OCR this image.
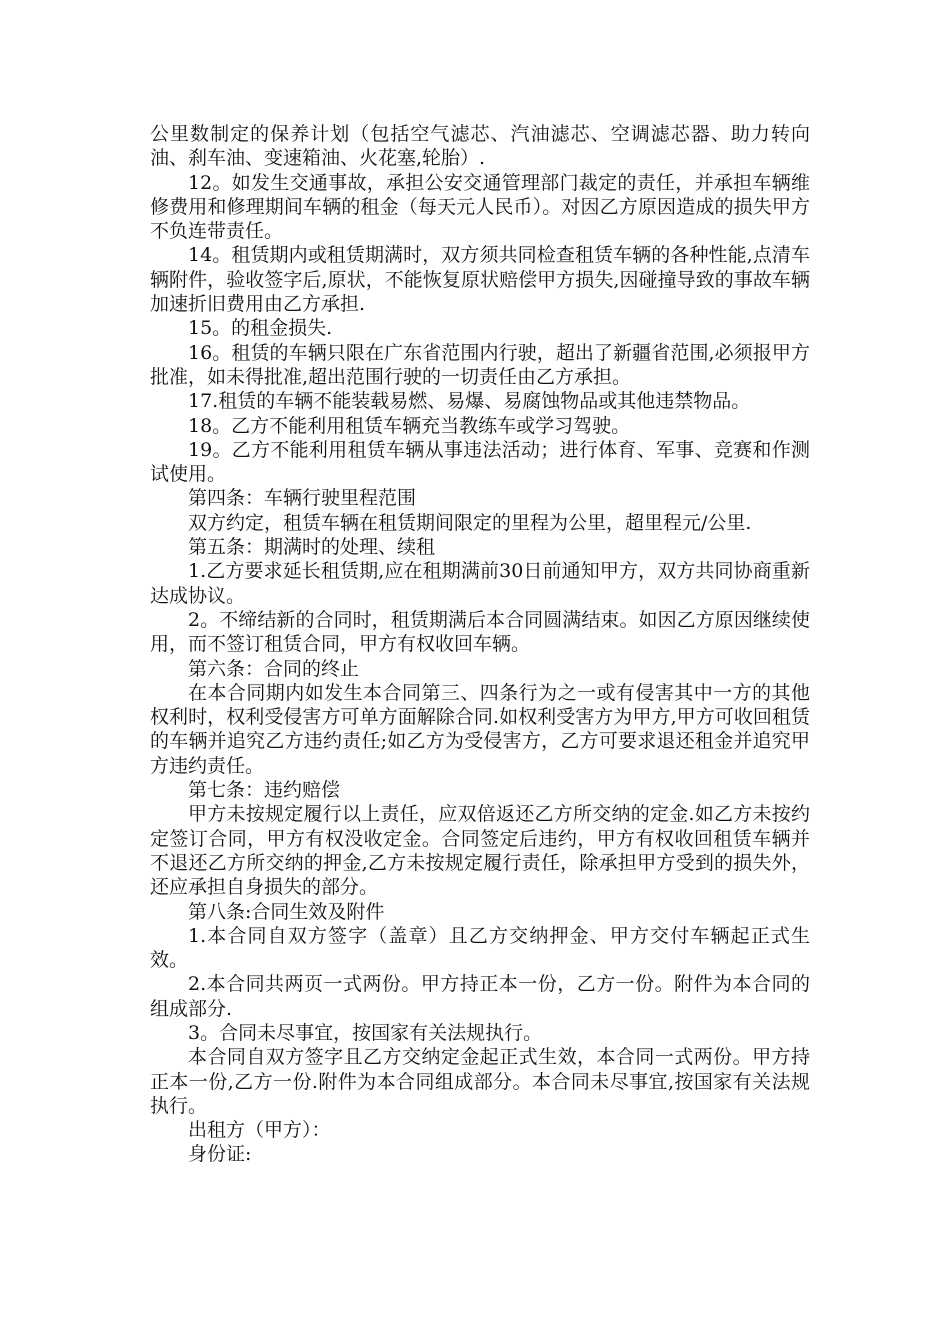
公里数制定的保养计划（包括空气滤芯、汽油滤芯、空调滤芯器、助力转向油、刹车油、变速箱油、火花塞,轮胎）.

12。如发生交通事故，承担公安交通管理部门裁定的责任，并承担车辆维修费用和修理期间车辆的租金（每天元人民币）。对因乙方原因造成的损失甲方不负连带责任。

14。租赁期内或租赁期满时，双方须共同检查租赁车辆的各种性能,点清车辆附件，验收签字后,原状，不能恢复原状赔偿甲方损失,因碰撞导致的事故车辆加速折旧费用由乙方承担.

15。的租金损失.

16。租赁的车辆只限在广东省范围内行驶，超出了新疆省范围,必须报甲方批准，如未得批准,超出范围行驶的一切责任由乙方承担。

17.租赁的车辆不能装载易燃、易爆、易腐蚀物品或其他违禁物品。

18。乙方不能利用租赁车辆充当教练车或学习驾驶。

19。乙方不能利用租赁车辆从事违法活动；进行体育、军事、竞赛和作测试使用。

第四条：车辆行驶里程范围

双方约定，租赁车辆在租赁期间限定的里程为公里，超里程元/公里.

第五条：期满时的处理、续租

1.乙方要求延长租赁期,应在租期满前30日前通知甲方，双方共同协商重新达成协议。

2。不缔结新的合同时，租赁期满后本合同圆满结束。如因乙方原因继续使用，而不签订租赁合同，甲方有权收回车辆。

第六条：合同的终止

在本合同期内如发生本合同第三、四条行为之一或有侵害其中一方的其他权利时，权利受侵害方可单方面解除合同.如权利受害方为甲方,甲方可收回租赁的车辆并追究乙方违约责任;如乙方为受侵害方，乙方可要求退还租金并追究甲方违约责任。

第七条：违约赔偿

甲方未按规定履行以上责任，应双倍返还乙方所交纳的定金.如乙方未按约定签订合同，甲方有权没收定金。合同签定后违约，甲方有权收回租赁车辆并不退还乙方所交纳的押金,乙方未按规定履行责任，除承担甲方受到的损失外，还应承担自身损失的部分。

第八条:合同生效及附件

1.本合同自双方签字（盖章）且乙方交纳押金、甲方交付车辆起正式生效。

2.本合同共两页一式两份。甲方持正本一份，乙方一份。附件为本合同的组成部分.

3。合同未尽事宜，按国家有关法规执行。

本合同自双方签字且乙方交纳定金起正式生效，本合同一式两份。甲方持正本一份,乙方一份.附件为本合同组成部分。本合同未尽事宜,按国家有关法规执行。

出租方（甲方）：

身份证:
